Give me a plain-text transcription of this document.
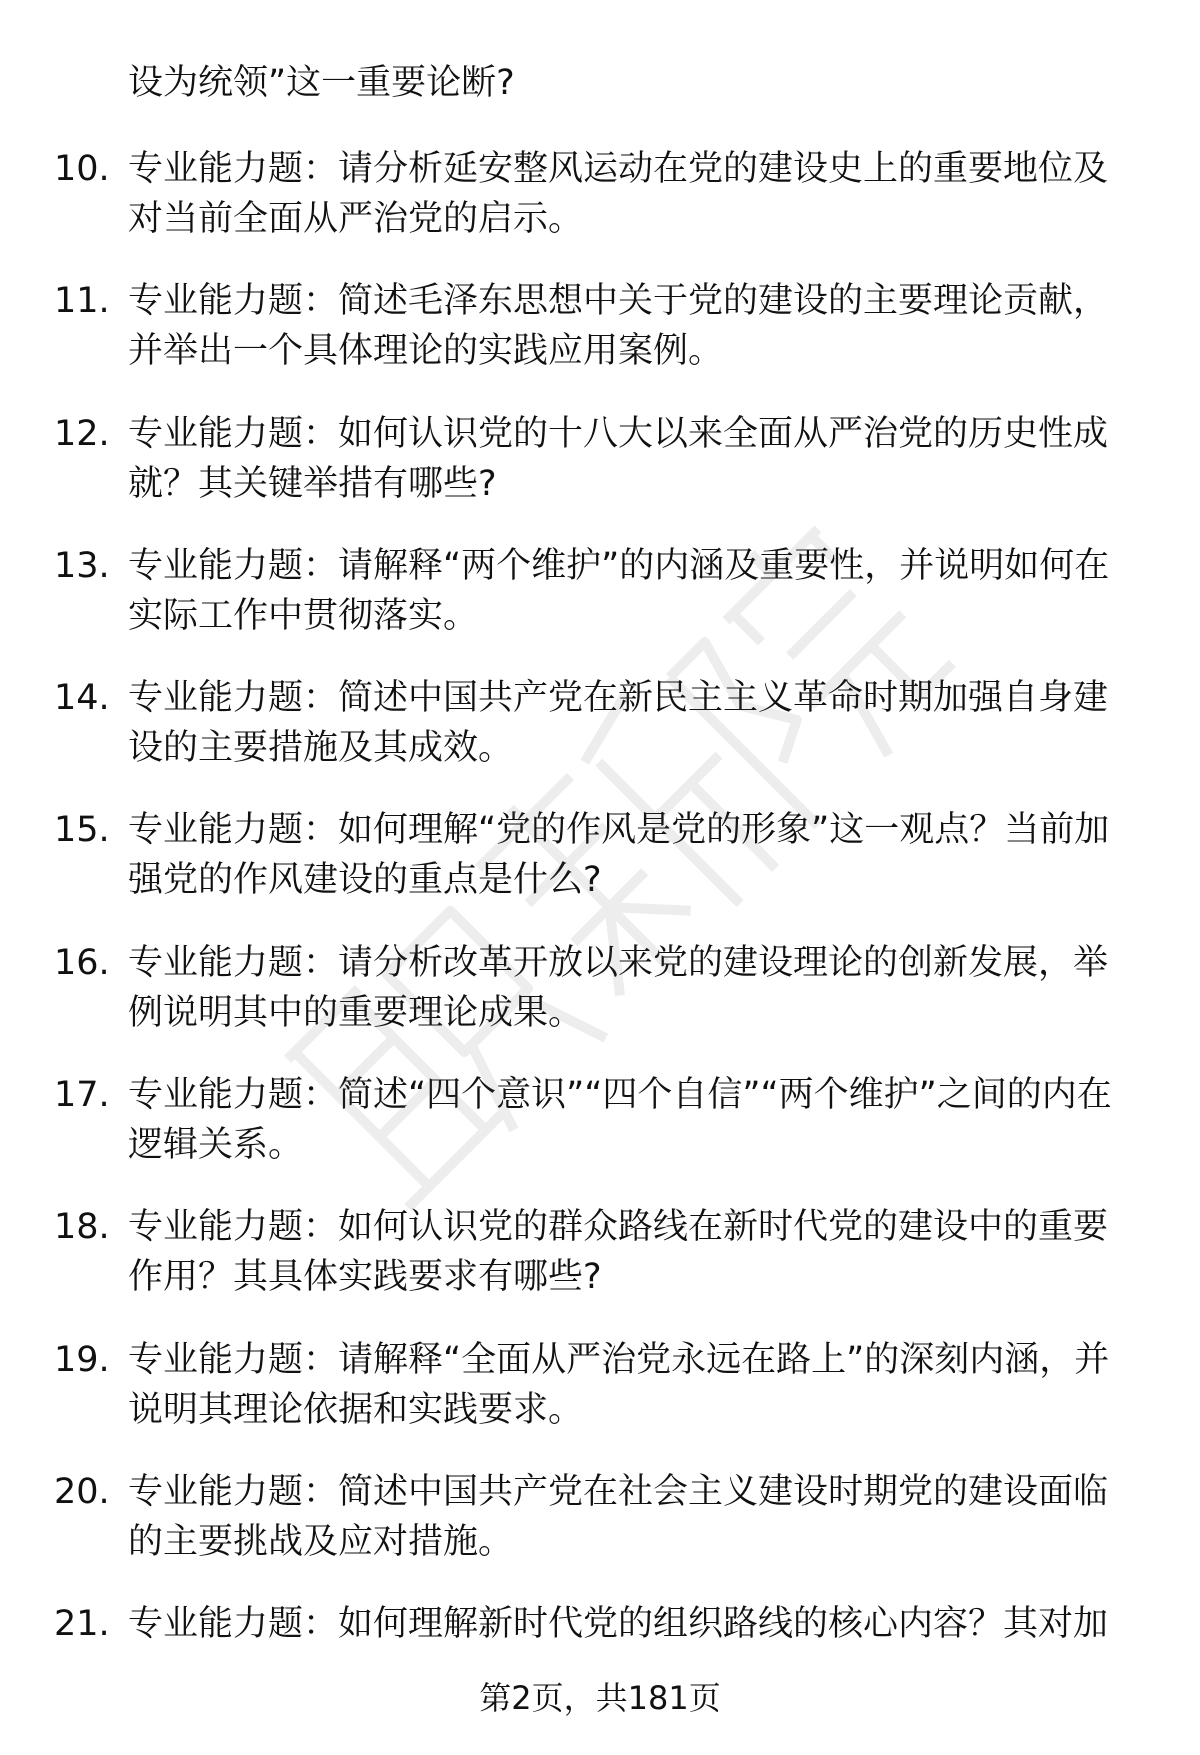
设为统领”这一重要论断?

10. 专业能力题：请分析延安整风运动在党的建设史上的重要地位及对当前全面从严治党的启示。

11. 专业能力题：简述毛泽东思想中关于党的建设的主要理论贡献，并举出一个具体理论的实践应用案例。

12. 专业能力题：如何认识党的十八大以来全面从严治党的历史性成就？其关键举措有哪些?

13. 专业能力题：请解释“两个维护”的内涵及重要性，并说明如何在实际工作中贯彻落实。

14. 专业能力题：简述中国共产党在新民主主义革命时期加强自身建设的主要措施及其成效。

15. 专业能力题：如何理解“党的作风是党的形象”这一观点？当前加强党的作风建设的重点是什么?

16. 专业能力题：请分析改革开放以来党的建设理论的创新发展，举例说明其中的重要理论成果。

17. 专业能力题：简述“四个意识”“四个自信”“两个维护”之间的内在逻辑关系。

18. 专业能力题：如何认识党的群众路线在新时代党的建设中的重要作用？其具体实践要求有哪些?

19. 专业能力题：请解释“全面从严治党永远在路上”的深刻内涵，并说明其理论依据和实践要求。

20. 专业能力题：简述中国共产党在社会主义建设时期党的建设面临的主要挑战及应对措施。

21. 专业能力题：如何理解新时代党的组织路线的核心内容？其对加

第2页，共181页
